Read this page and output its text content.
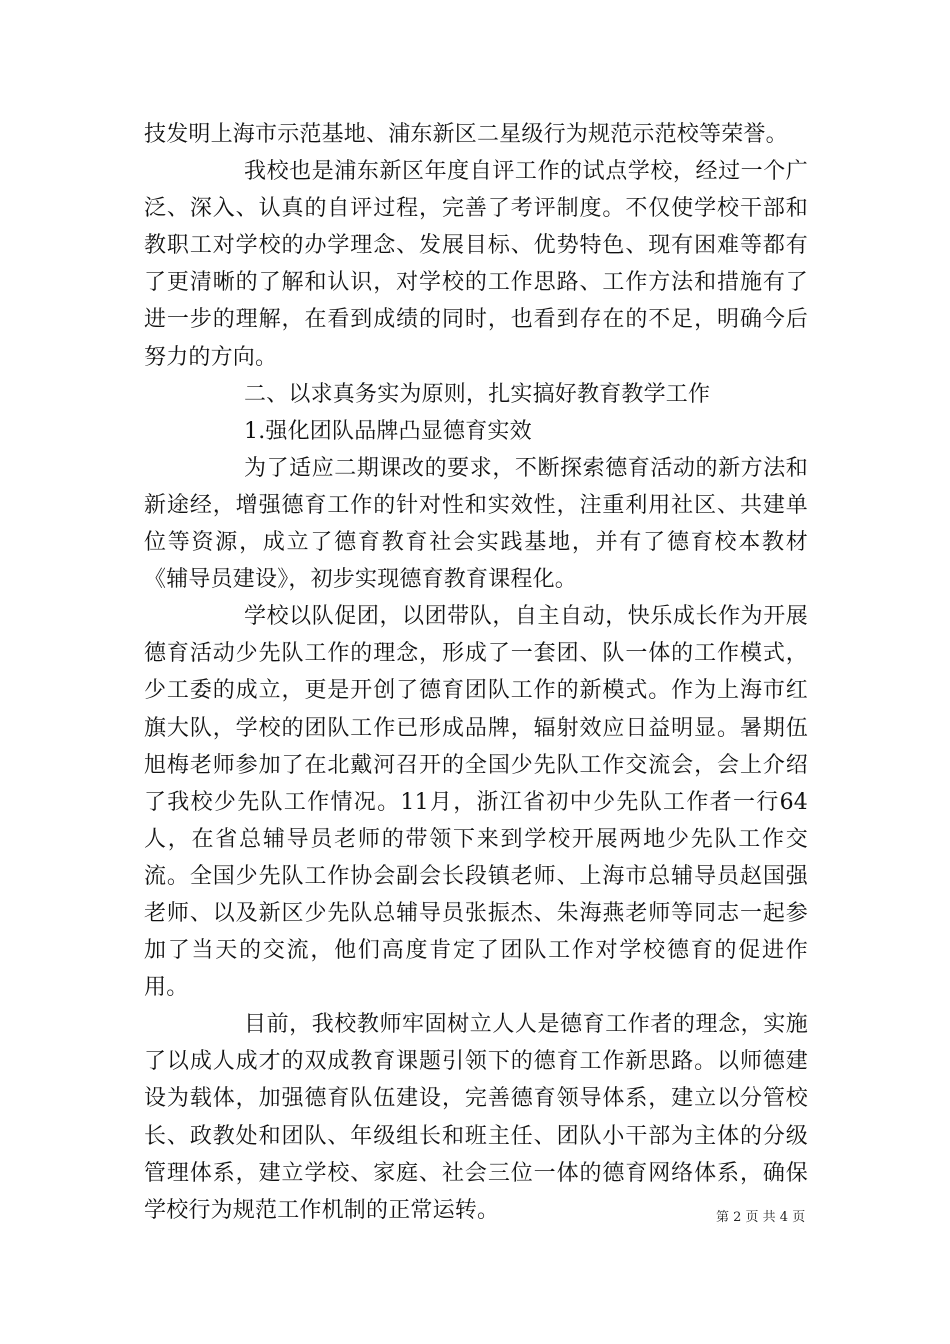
技发明上海市示范基地、浦东新区二星级行为规范示范校等荣誉。

我校也是浦东新区年度自评工作的试点学校，经过一个广泛、深入、认真的自评过程，完善了考评制度。不仅使学校干部和教职工对学校的办学理念、发展目标、优势特色、现有困难等都有了更清晰的了解和认识，对学校的工作思路、工作方法和措施有了进一步的理解，在看到成绩的同时，也看到存在的不足，明确今后努力的方向。

二、以求真务实为原则，扎实搞好教育教学工作

1.强化团队品牌凸显德育实效

为了适应二期课改的要求，不断探索德育活动的新方法和新途经，增强德育工作的针对性和实效性，注重利用社区、共建单位等资源，成立了德育教育社会实践基地，并有了德育校本教材《辅导员建设》，初步实现德育教育课程化。

学校以队促团，以团带队，自主自动，快乐成长作为开展德育活动少先队工作的理念，形成了一套团、队一体的工作模式，少工委的成立，更是开创了德育团队工作的新模式。作为上海市红旗大队，学校的团队工作已形成品牌，辐射效应日益明显。暑期伍旭梅老师参加了在北戴河召开的全国少先队工作交流会，会上介绍了我校少先队工作情况。11月，浙江省初中少先队工作者一行64人，在省总辅导员老师的带领下来到学校开展两地少先队工作交流。全国少先队工作协会副会长段镇老师、上海市总辅导员赵国强老师、以及新区少先队总辅导员张振杰、朱海燕老师等同志一起参加了当天的交流，他们高度肯定了团队工作对学校德育的促进作用。

目前，我校教师牢固树立人人是德育工作者的理念，实施了以成人成才的双成教育课题引领下的德育工作新思路。以师德建设为载体，加强德育队伍建设，完善德育领导体系，建立以分管校长、政教处和团队、年级组长和班主任、团队小干部为主体的分级管理体系，建立学校、家庭、社会三位一体的德育网络体系，确保学校行为规范工作机制的正常运转。	第 2 页 共 4 页
